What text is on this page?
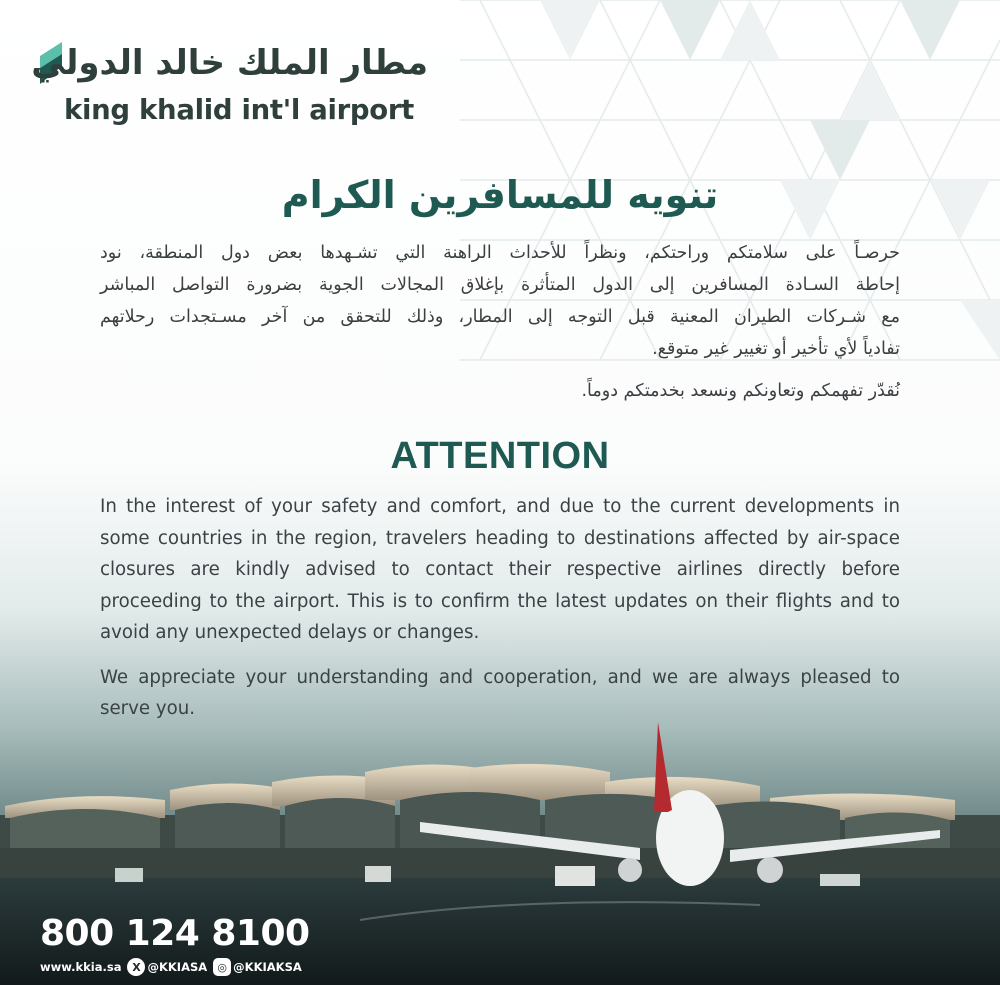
مطار الملك خالد الدولي
king khalid int'l airport
تنويه للمسافرين الكرام
حرصـاً على سلامتكم وراحتكم، ونظراً للأحداث الراهنة التي تشـهدها بعض دول المنطقة، نود
إحاطة السـادة المسافرين إلى الدول المتأثرة بإغلاق المجالات الجوية بضرورة التواصل المباشر
مع شـركات الطيران المعنية قبل التوجه إلى المطار، وذلك للتحقق من آخر مسـتجدات رحلاتهم
تفادياً لأي تأخير أو تغيير غير متوقع.
نُقدّر تفهمكم وتعاونكم ونسعد بخدمتكم دوماً.
ATTENTION

In the interest of your safety and comfort, and due to the current developments in some countries in the region, travelers heading to destinations affected by air-space closures are kindly advised to contact their respective airlines directly before proceeding to the airport. This is to confirm the latest updates on their flights and to avoid any unexpected delays or changes.

We appreciate your understanding and cooperation, and we are always pleased to serve you.

800 124 8100
www.kkia.sa X @KKIASA ◎ @KKIAKSA
